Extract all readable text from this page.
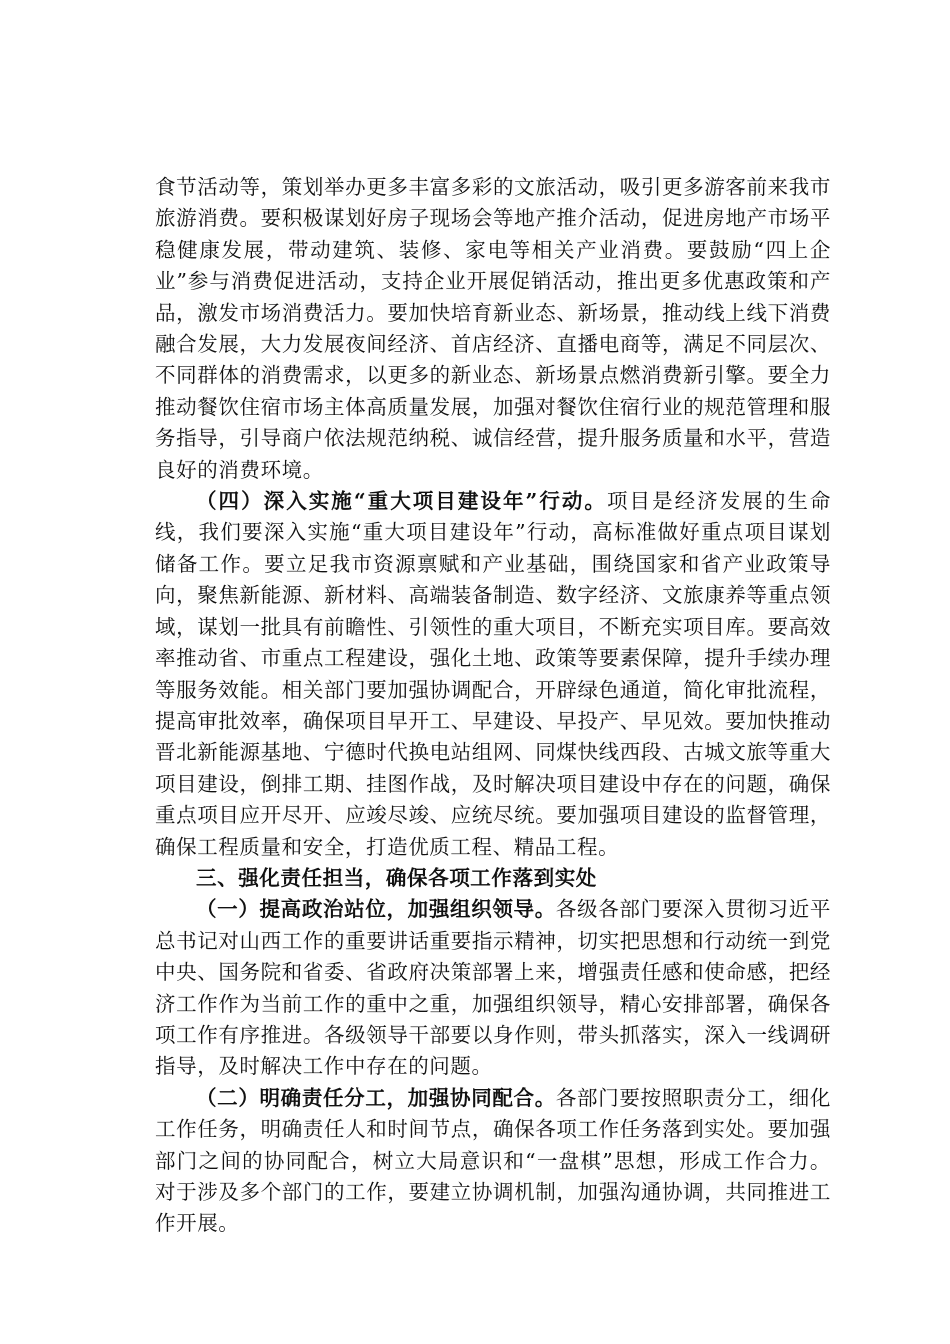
食节活动等，策划举办更多丰富多彩的文旅活动，吸引更多游客前来我市旅游消费。要积极谋划好房子现场会等地产推介活动，促进房地产市场平稳健康发展，带动建筑、装修、家电等相关产业消费。要鼓励“四上企业”参与消费促进活动，支持企业开展促销活动，推出更多优惠政策和产品，激发市场消费活力。要加快培育新业态、新场景，推动线上线下消费融合发展，大力发展夜间经济、首店经济、直播电商等，满足不同层次、不同群体的消费需求，以更多的新业态、新场景点燃消费新引擎。要全力推动餐饮住宿市场主体高质量发展，加强对餐饮住宿行业的规范管理和服务指导，引导商户依法规范纳税、诚信经营，提升服务质量和水平，营造良好的消费环境。

（四）深入实施“重大项目建设年”行动。项目是经济发展的生命线，我们要深入实施“重大项目建设年”行动，高标准做好重点项目谋划储备工作。要立足我市资源禀赋和产业基础，围绕国家和省产业政策导向，聚焦新能源、新材料、高端装备制造、数字经济、文旅康养等重点领域，谋划一批具有前瞻性、引领性的重大项目，不断充实项目库。要高效率推动省、市重点工程建设，强化土地、政策等要素保障，提升手续办理等服务效能。相关部门要加强协调配合，开辟绿色通道，简化审批流程，提高审批效率，确保项目早开工、早建设、早投产、早见效。要加快推动晋北新能源基地、宁德时代换电站组网、同煤快线西段、古城文旅等重大项目建设，倒排工期、挂图作战，及时解决项目建设中存在的问题，确保重点项目应开尽开、应竣尽竣、应统尽统。要加强项目建设的监督管理，确保工程质量和安全，打造优质工程、精品工程。

三、强化责任担当，确保各项工作落到实处

（一）提高政治站位，加强组织领导。各级各部门要深入贯彻习近平总书记对山西工作的重要讲话重要指示精神，切实把思想和行动统一到党中央、国务院和省委、省政府决策部署上来，增强责任感和使命感，把经济工作作为当前工作的重中之重，加强组织领导，精心安排部署，确保各项工作有序推进。各级领导干部要以身作则，带头抓落实，深入一线调研指导，及时解决工作中存在的问题。

（二）明确责任分工，加强协同配合。各部门要按照职责分工，细化工作任务，明确责任人和时间节点，确保各项工作任务落到实处。要加强部门之间的协同配合，树立大局意识和“一盘棋”思想，形成工作合力。对于涉及多个部门的工作，要建立协调机制，加强沟通协调，共同推进工作开展。
